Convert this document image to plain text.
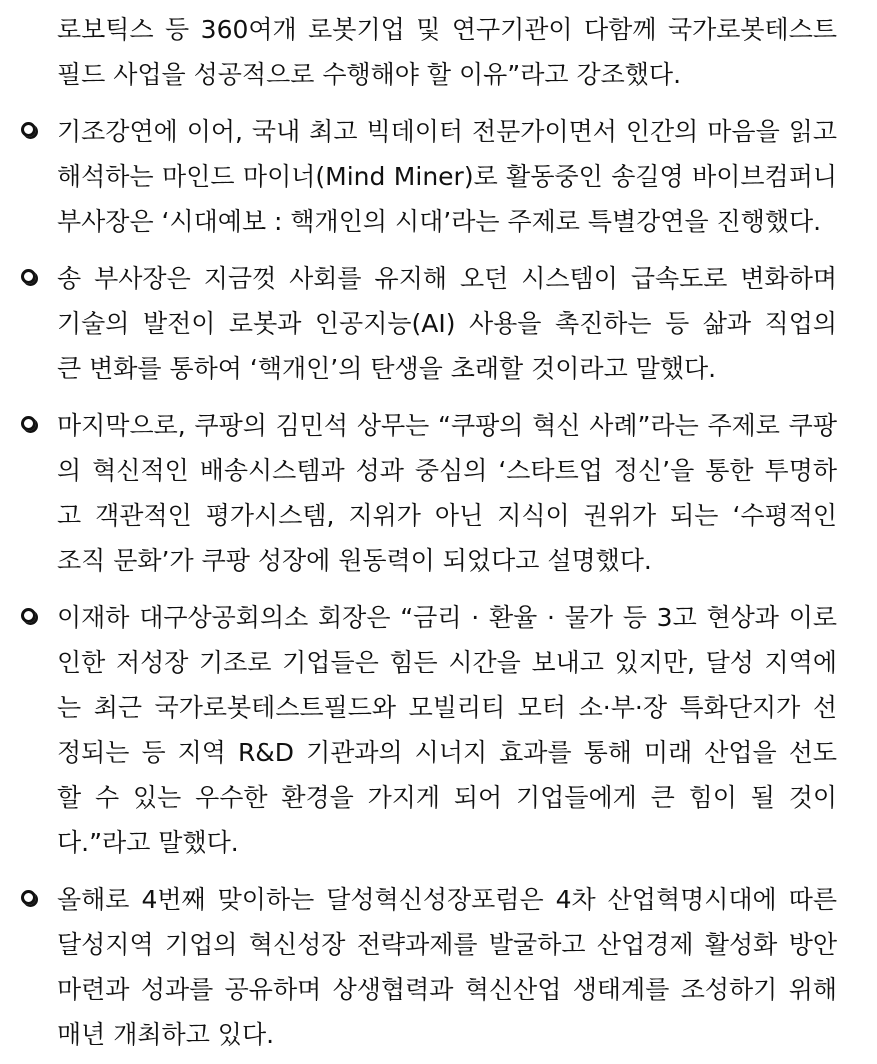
로보틱스 등 360여개 로봇기업 및 연구기관이 다함께 국가로봇테스트
필드 사업을 성공적으로 수행해야 할 이유”라고 강조했다.
기조강연에 이어, 국내 최고 빅데이터 전문가이면서 인간의 마음을 읽고
해석하는 마인드 마이너(Mind Miner)로 활동중인 송길영 바이브컴퍼니
부사장은 ‘시대예보 : 핵개인의 시대’라는 주제로 특별강연을 진행했다.
송 부사장은 지금껏 사회를 유지해 오던 시스템이 급속도로 변화하며
기술의 발전이 로봇과 인공지능(AI) 사용을 촉진하는 등 삶과 직업의
큰 변화를 통하여 ‘핵개인’의 탄생을 초래할 것이라고 말했다.
마지막으로, 쿠팡의 김민석 상무는 “쿠팡의 혁신 사례”라는 주제로 쿠팡
의 혁신적인 배송시스템과 성과 중심의 ‘스타트업 정신’을 통한 투명하
고 객관적인 평가시스템, 지위가 아닌 지식이 권위가 되는 ‘수평적인
조직 문화’가 쿠팡 성장에 원동력이 되었다고 설명했다.
이재하 대구상공회의소 회장은 “금리 · 환율 · 물가 등 3고 현상과 이로
인한 저성장 기조로 기업들은 힘든 시간을 보내고 있지만, 달성 지역에
는 최근 국가로봇테스트필드와 모빌리티 모터 소·부·장 특화단지가 선
정되는 등 지역 R&D 기관과의 시너지 효과를 통해 미래 산업을 선도
할 수 있는 우수한 환경을 가지게 되어 기업들에게 큰 힘이 될 것이
다.”라고 말했다.
올해로 4번째 맞이하는 달성혁신성장포럼은 4차 산업혁명시대에 따른
달성지역 기업의 혁신성장 전략과제를 발굴하고 산업경제 활성화 방안
마련과 성과를 공유하며 상생협력과 혁신산업 생태계를 조성하기 위해
매년 개최하고 있다.
